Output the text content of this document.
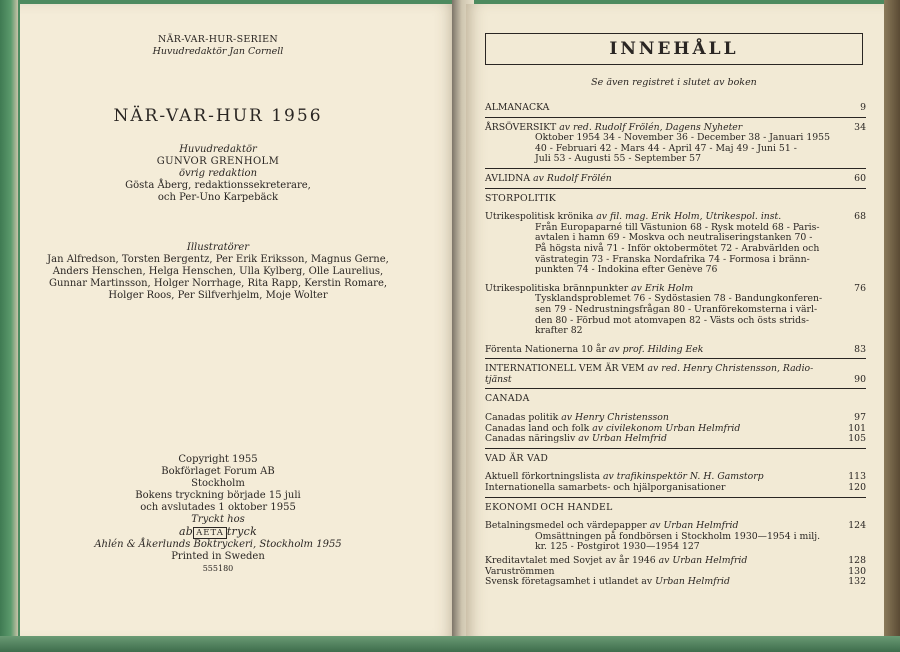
NÄR-VAR-HUR-SERIEN
Huvudredaktör Jan Cornell
NÄR-VAR-HUR 1956
Huvudredaktör
GUNVOR GRENHOLM
övrig redaktion
Gösta Åberg, redaktionssekreterare,
och Per-Uno Karpebäck
Illustratörer
Jan Alfredson, Torsten Bergentz, Per Erik Eriksson, Magnus Gerne,
Anders Henschen, Helga Henschen, Ulla Kylberg, Olle Laurelius,
Gunnar Martinsson, Holger Norrhage, Rita Rapp, Kerstin Romare,
Holger Roos, Per Silfverhjelm, Moje Wolter
Copyright 1955
Bokförlaget Forum AB
Stockholm
Bokens tryckning började 15 juli
och avslutades 1 oktober 1955
Tryckt hos
ab AETA tryck
Ahlén & Åkerlunds Boktryckeri, Stockholm 1955
Printed in Sweden
555180
INNEHÅLL
Se även registret i slutet av boken
ALMANACKA	9
ÅRSÖVERSIKT av red. Rudolf Frölén, Dagens Nyheter	34
Oktober 1954 34 - November 36 - December 38 - Januari 1955
40 - Februari 42 - Mars 44 - April 47 - Maj 49 - Juni 51 -
Juli 53 - Augusti 55 - September 57
AVLIDNA av Rudolf Frölén	60
STORPOLITIK
Utrikespolitisk krönika av fil. mag. Erik Holm, Utrikespol. inst.	68
Från Europaparné till Västunion 68 - Rysk moteld 68 - Paris-
avtalen i hamn 69 - Moskva och neutraliseringstanken 70 -
På högsta nivå 71 - Inför oktobermötet 72 - Arabvärlden och
västrategin 73 - Franska Nordafrika 74 - Formosa i bränn-
punkten 74 - Indokina efter Genève 76
Utrikespolitiska brännpunkter av Erik Holm	76
Tysklandsproblemet 76 - Sydöstasien 78 - Bandungkonferen-
sen 79 - Nedrustningsfrågan 80 - Uranförekomsterna i värl-
den 80 - Förbud mot atomvapen 82 - Västs och östs strids-
krafter 82
Förenta Nationerna 10 år av prof. Hilding Eek	83
INTERNATIONELL VEM ÄR VEM av red. Henry Christensson, Radio-
tjänst	90
CANADA
Canadas politik av Henry Christensson	97
Canadas land och folk av civilekonom Urban Helmfrid	101
Canadas näringsliv av Urban Helmfrid	105
VAD ÄR VAD
Aktuell förkortningslista av trafikinspektör N. H. Gamstorp	113
Internationella samarbets- och hjälporganisationer	120
EKONOMI OCH HANDEL
Betalningsmedel och värdepapper av Urban Helmfrid	124
Omsättningen på fondbörsen i Stockholm 1930—1954 i milj.
kr. 125 - Postgirot 1930—1954 127
Kreditavtalet med Sovjet av år 1946 av Urban Helmfrid	128
Varuströmmen	130
Svensk företagsamhet i utlandet av Urban Helmfrid	132
